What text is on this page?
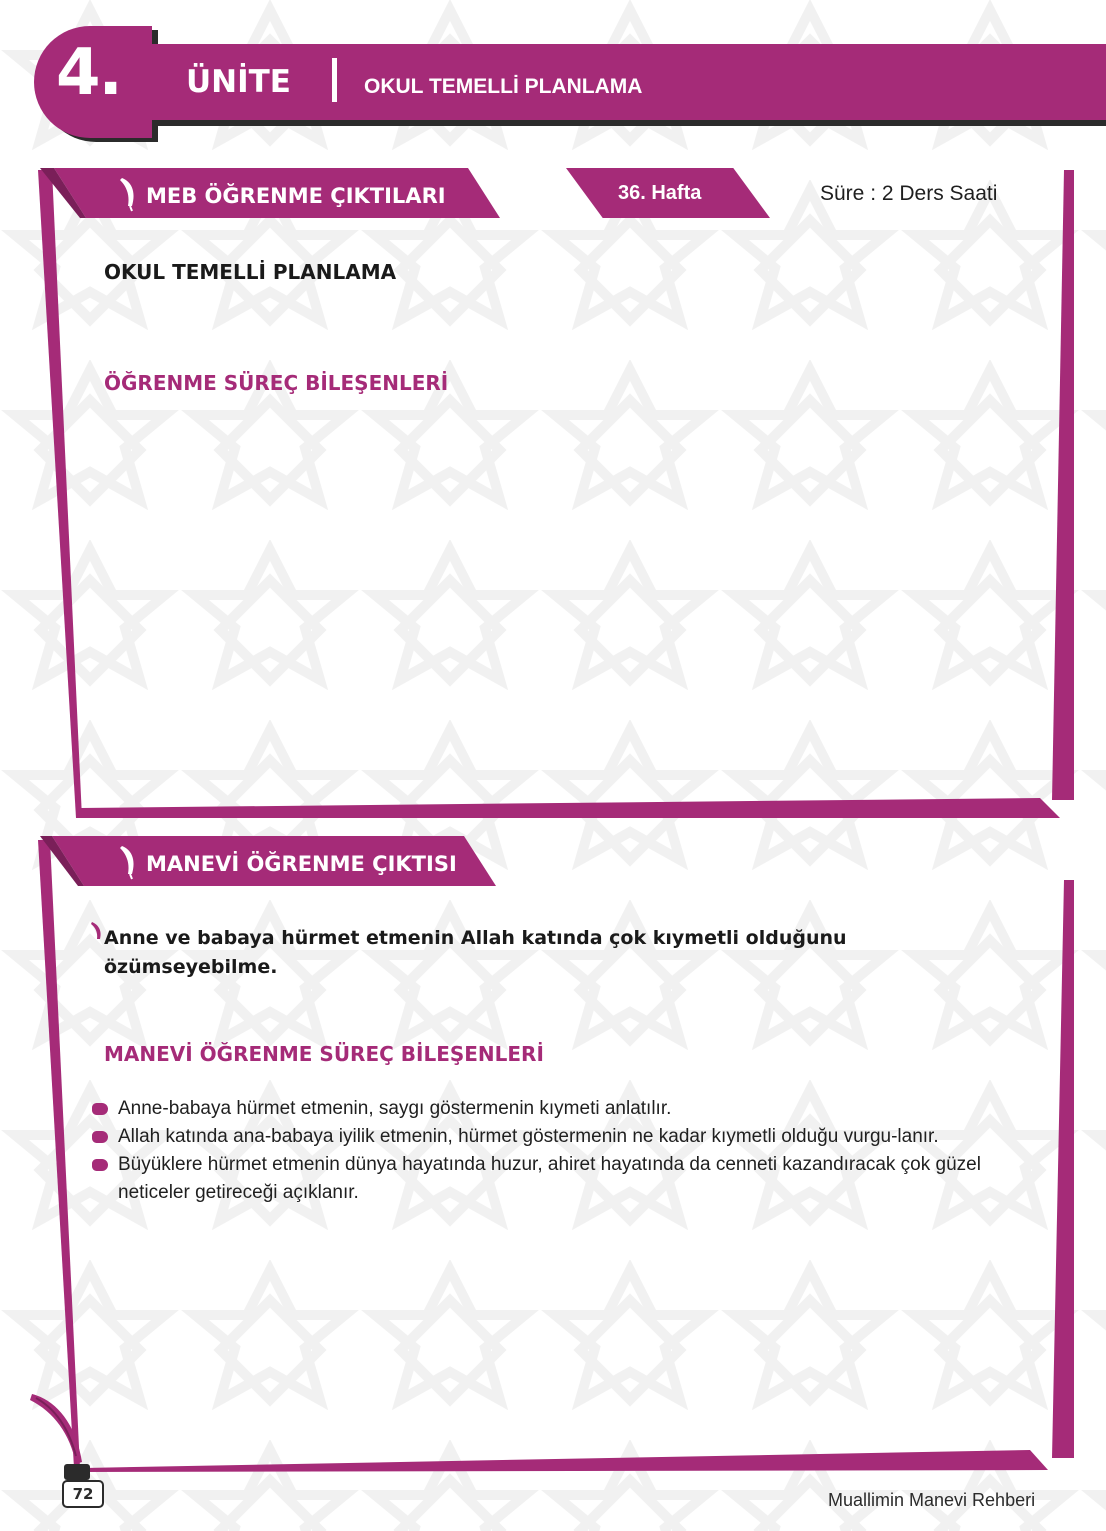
4. ÜNİTE	OKUL TEMELLİ PLANLAMA
MEB ÖĞRENME ÇIKTILARI	36. Hafta	Süre : 2 Ders Saati
OKUL TEMELLİ PLANLAMA
ÖĞRENME SÜREÇ BİLEŞENLERİ
MANEVİ ÖĞRENME ÇIKTISI
Anne ve babaya hürmet etmenin Allah katında çok kıymetli olduğunu özümseyebilme.
MANEVİ ÖĞRENME SÜREÇ BİLEŞENLERİ
Anne-babaya hürmet etmenin, saygı göstermenin kıymeti anlatılır.
Allah katında ana-babaya iyilik etmenin, hürmet göstermenin ne kadar kıymetli olduğu vurgu-lanır.
Büyüklere hürmet etmenin dünya hayatında huzur, ahiret hayatında da cenneti kazandıracak çok güzel neticeler getireceği açıklanır.
72	Muallimin Manevi Rehberi
